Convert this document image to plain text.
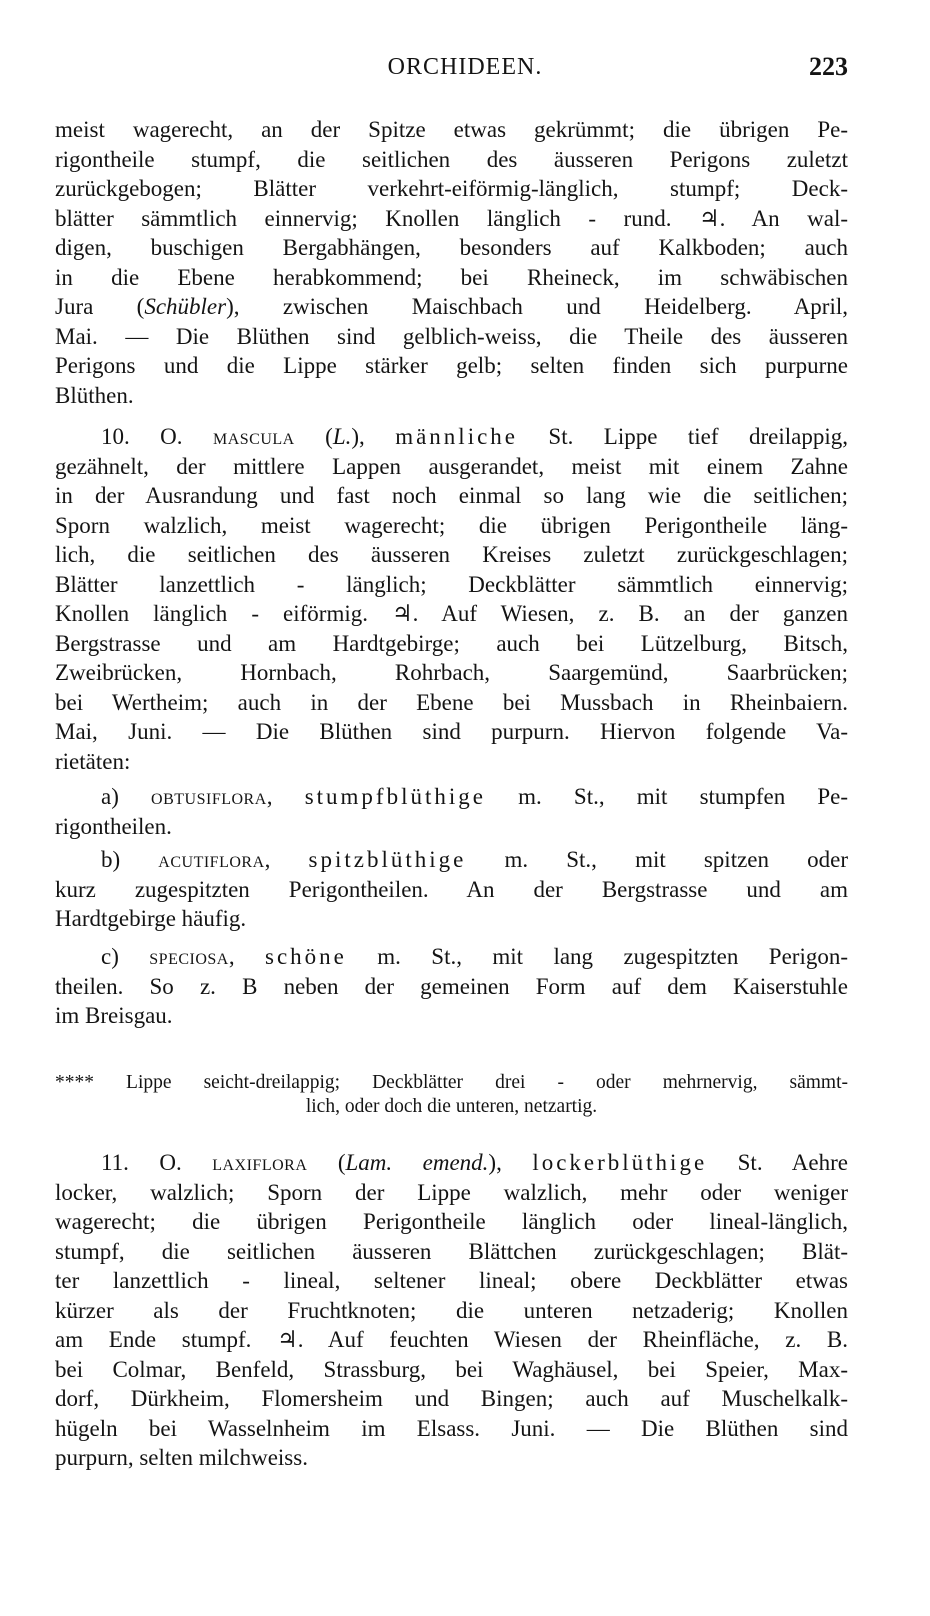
ORCHIDEEN.	223
meist wagerecht, an der Spitze etwas gekrümmt; die übrigen Pe-
rigontheile stumpf, die seitlichen des äusseren Perigons zuletzt
zurückgebogen; Blätter verkehrt-eiförmig-länglich, stumpf; Deck-
blätter sämmtlich einnervig; Knollen länglich - rund. ♃. An wal-
digen, buschigen Bergabhängen, besonders auf Kalkboden; auch
in die Ebene herabkommend; bei Rheineck, im schwäbischen
Jura (Schübler), zwischen Maischbach und Heidelberg. April,
Mai. — Die Blüthen sind gelblich-weiss, die Theile des äusseren
Perigons und die Lippe stärker gelb; selten finden sich purpurne
Blüthen.
10. O. mascula (L.), männliche St. Lippe tief dreilappig,
gezähnelt, der mittlere Lappen ausgerandet, meist mit einem Zahne
in der Ausrandung und fast noch einmal so lang wie die seitlichen;
Sporn walzlich, meist wagerecht; die übrigen Perigontheile läng-
lich, die seitlichen des äusseren Kreises zuletzt zurückgeschlagen;
Blätter lanzettlich - länglich; Deckblätter sämmtlich einnervig;
Knollen länglich - eiförmig. ♃. Auf Wiesen, z. B. an der ganzen
Bergstrasse und am Hardtgebirge; auch bei Lützelburg, Bitsch,
Zweibrücken, Hornbach, Rohrbach, Saargemünd, Saarbrücken;
bei Wertheim; auch in der Ebene bei Mussbach in Rheinbaiern.
Mai, Juni. — Die Blüthen sind purpurn. Hiervon folgende Va-
rietäten:
a) obtusiflora, stumpfblüthige m. St., mit stumpfen Pe-
rigontheilen.
b) acutiflora, spitzblüthige m. St., mit spitzen oder
kurz zugespitzten Perigontheilen. An der Bergstrasse und am
Hardtgebirge häufig.
c) speciosa, schöne m. St., mit lang zugespitzten Perigon-
theilen. So z. B neben der gemeinen Form auf dem Kaiserstuhle
im Breisgau.
**** Lippe seicht-dreilappig; Deckblätter drei - oder mehrnervig, sämmt-
lich, oder doch die unteren, netzartig.
11. O. laxiflora (Lam. emend.), lockerblüthige St. Aehre
locker, walzlich; Sporn der Lippe walzlich, mehr oder weniger
wagerecht; die übrigen Perigontheile länglich oder lineal-länglich,
stumpf, die seitlichen äusseren Blättchen zurückgeschlagen; Blät-
ter lanzettlich - lineal, seltener lineal; obere Deckblätter etwas
kürzer als der Fruchtknoten; die unteren netzaderig; Knollen
am Ende stumpf. ♃. Auf feuchten Wiesen der Rheinfläche, z. B.
bei Colmar, Benfeld, Strassburg, bei Waghäusel, bei Speier, Max-
dorf, Dürkheim, Flomersheim und Bingen; auch auf Muschelkalk-
hügeln bei Wasselnheim im Elsass. Juni. — Die Blüthen sind
purpurn, selten milchweiss.
